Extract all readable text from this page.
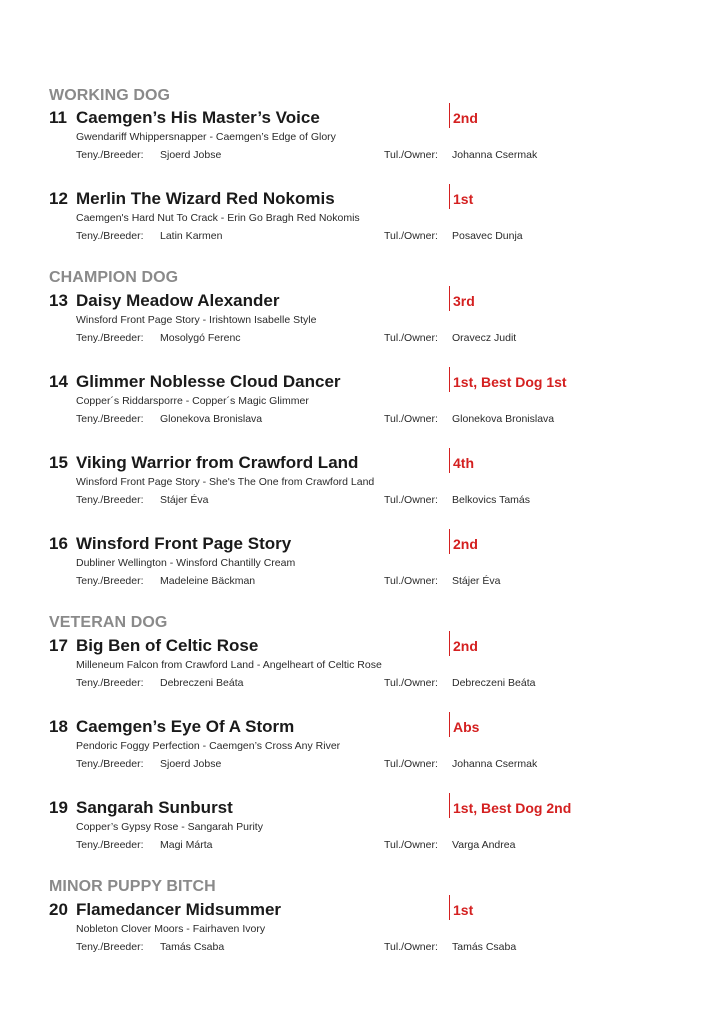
WORKING DOG
11 Caemgen’s His Master’s Voice	2nd
Gwendariff Whippersnapper - Caemgen’s Edge of Glory
Teny./Breeder: Sjoerd Jobse	Tul./Owner: Johanna Csermak
12 Merlin The Wizard Red Nokomis	1st
Caemgen's Hard Nut To Crack - Erin Go Bragh Red Nokomis
Teny./Breeder: Latin Karmen	Tul./Owner: Posavec Dunja
CHAMPION DOG
13 Daisy Meadow Alexander	3rd
Winsford Front Page Story - Irishtown Isabelle Style
Teny./Breeder: Mosolygó Ferenc	Tul./Owner: Oravecz Judit
14 Glimmer Noblesse Cloud Dancer	1st, Best Dog 1st
Copper´s Riddarsporre - Copper´s Magic Glimmer
Teny./Breeder: Glonekova Bronislava	Tul./Owner: Glonekova Bronislava
15 Viking Warrior from Crawford Land	4th
Winsford Front Page Story - She's The One from Crawford Land
Teny./Breeder: Stájer Éva	Tul./Owner: Belkovics Tamás
16 Winsford Front Page Story	2nd
Dubliner Wellington - Winsford Chantilly Cream
Teny./Breeder: Madeleine Bäckman	Tul./Owner: Stájer Éva
VETERAN DOG
17 Big Ben of Celtic Rose	2nd
Milleneum Falcon from Crawford Land - Angelheart of Celtic Rose
Teny./Breeder: Debreczeni Beáta	Tul./Owner: Debreczeni Beáta
18 Caemgen’s Eye Of A Storm	Abs
Pendoric Foggy Perfection - Caemgen’s Cross Any River
Teny./Breeder: Sjoerd Jobse	Tul./Owner: Johanna Csermak
19 Sangarah Sunburst	1st, Best Dog 2nd
Copper’s Gypsy Rose - Sangarah Purity
Teny./Breeder: Magi Márta	Tul./Owner: Varga Andrea
MINOR PUPPY BITCH
20 Flamedancer Midsummer	1st
Nobleton Clover Moors - Fairhaven Ivory
Teny./Breeder: Tamás Csaba	Tul./Owner: Tamás Csaba
